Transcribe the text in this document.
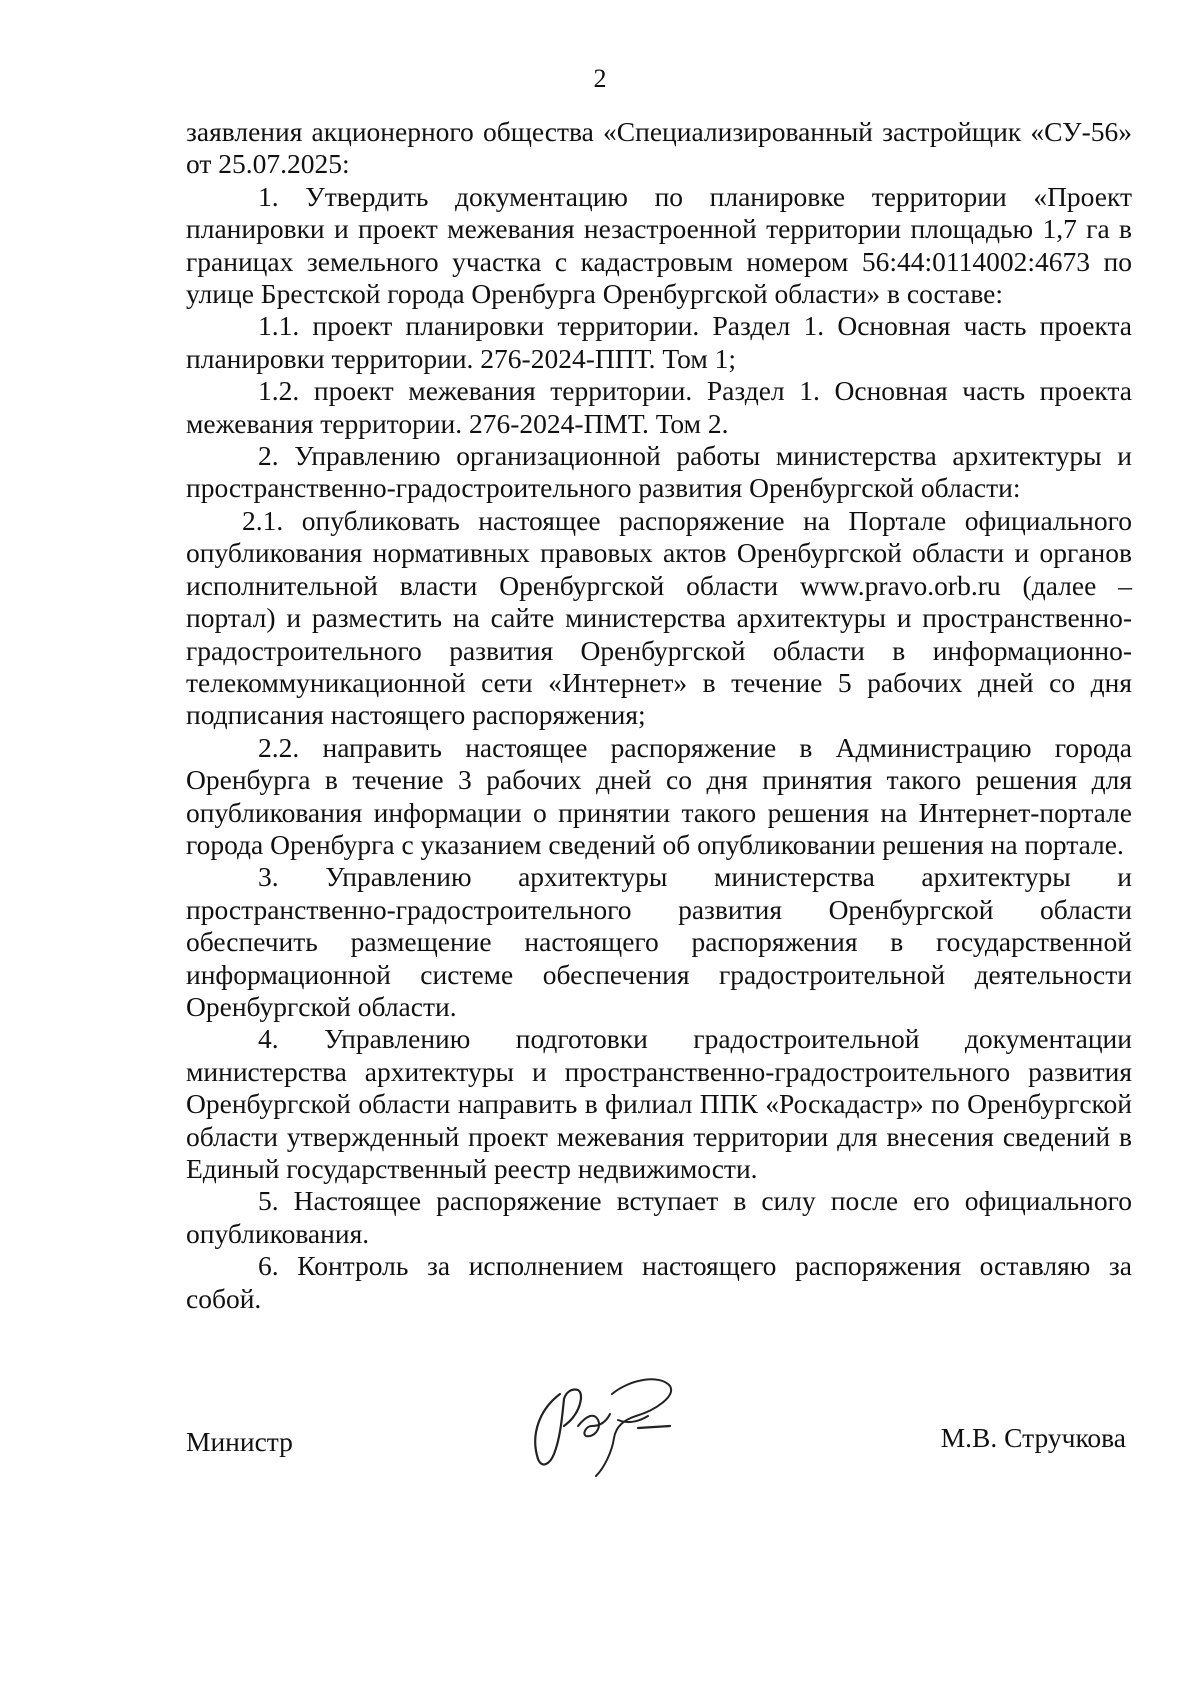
2

заявления акционерного общества «Специализированный застройщик «СУ-56» от 25.07.2025:

1. Утвердить документацию по планировке территории «Проект планировки и проект межевания незастроенной территории площадью 1,7 га в границах земельного участка с кадастровым номером 56:44:0114002:4673 по улице Брестской города Оренбурга Оренбургской области» в составе:

1.1. проект планировки территории. Раздел 1. Основная часть проекта планировки территории. 276-2024-ППТ. Том 1;

1.2. проект межевания территории. Раздел 1. Основная часть проекта межевания территории. 276-2024-ПМТ. Том 2.

2. Управлению организационной работы министерства архитектуры и пространственно-градостроительного развития Оренбургской области:

2.1. опубликовать настоящее распоряжение на Портале официального опубликования нормативных правовых актов Оренбургской области и органов исполнительной власти Оренбургской области www.pravo.orb.ru (далее – портал) и разместить на сайте министерства архитектуры и пространственно-градостроительного развития Оренбургской области в информационно-телекоммуникационной сети «Интернет» в течение 5 рабочих дней со дня подписания настоящего распоряжения;

2.2. направить настоящее распоряжение в Администрацию города Оренбурга в течение 3 рабочих дней со дня принятия такого решения для опубликования информации о принятии такого решения на Интернет-портале города Оренбурга с указанием сведений об опубликовании решения на портале.

3. Управлению архитектуры министерства архитектуры и пространственно-градостроительного развития Оренбургской области обеспечить размещение настоящего распоряжения в государственной информационной системе обеспечения градостроительной деятельности Оренбургской области.

4. Управлению подготовки градостроительной документации министерства архитектуры и пространственно-градостроительного развития Оренбургской области направить в филиал ППК «Роскадастр» по Оренбургской области утвержденный проект межевания территории для внесения сведений в Единый государственный реестр недвижимости.

5. Настоящее распоряжение вступает в силу после его официального опубликования.

6. Контроль за исполнением настоящего распоряжения оставляю за собой.

Министр	М.В. Стручкова
